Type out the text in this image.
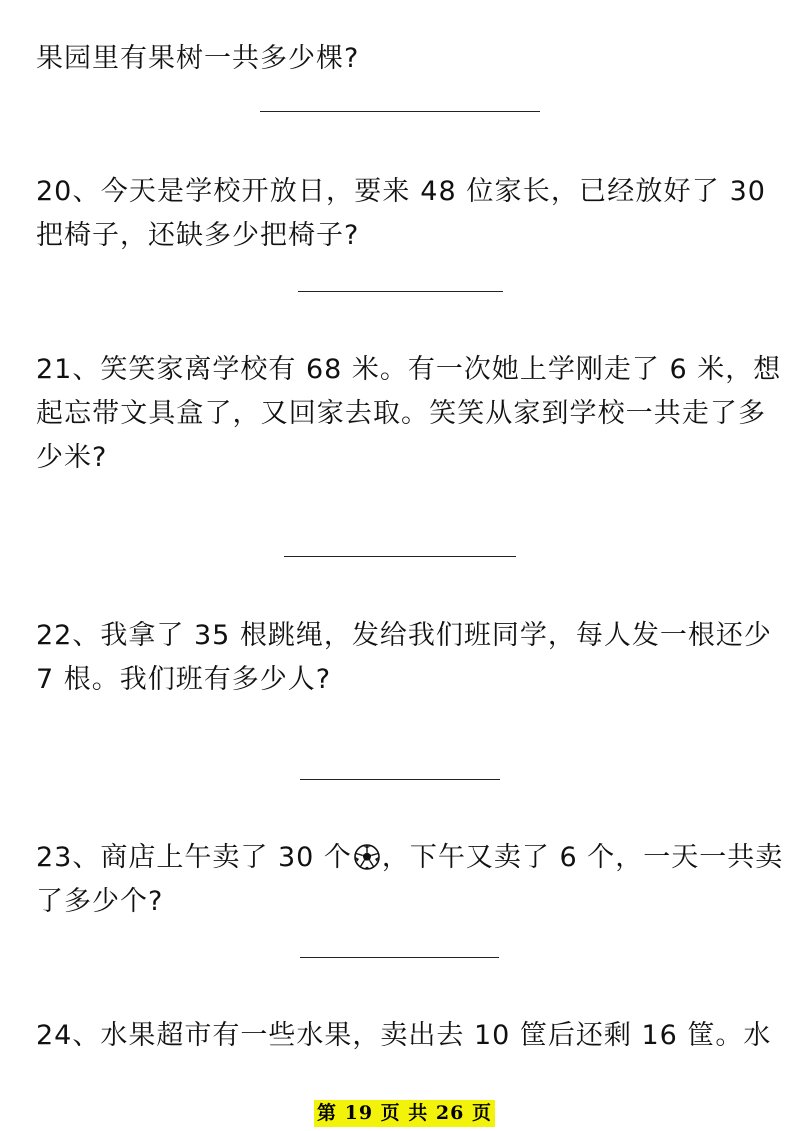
果园里有果树一共多少棵?
20、今天是学校开放日，要来 48 位家长，已经放好了 30
把椅子，还缺多少把椅子?
21、笑笑家离学校有 68 米。有一次她上学刚走了 6 米，想
起忘带文具盒了，又回家去取。笑笑从家到学校一共走了多
少米?
22、我拿了 35 根跳绳，发给我们班同学，每人发一根还少
7 根。我们班有多少人?
23、商店上午卖了 30 个 ，下午又卖了 6 个，一天一共卖
了多少个?
24、水果超市有一些水果，卖出去 10 筐后还剩 16 筐。水
第 19 页 共 26 页
